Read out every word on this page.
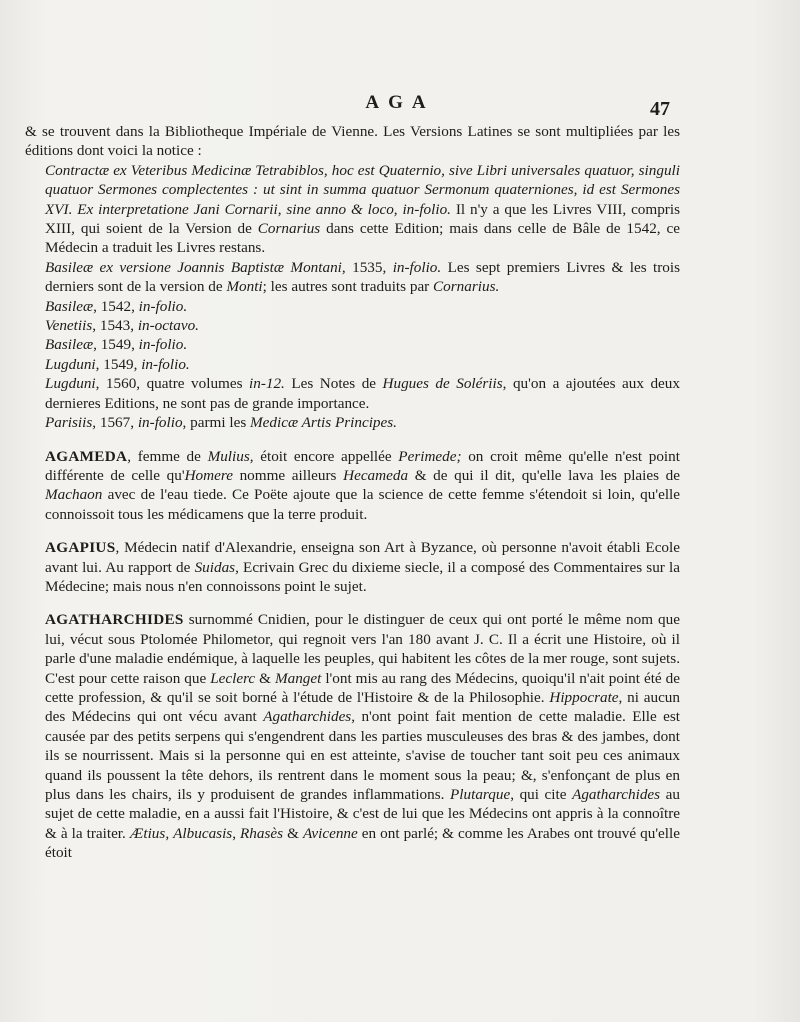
AGA	47

& se trouvent dans la Bibliotheque Impériale de Vienne. Les Versions Latines se sont multipliées par les éditions dont voici la notice :

Contractæ ex Veteribus Medicinæ Tetrabiblos, hoc est Quaternio, sive Libri universales quatuor, singuli quatuor Sermones complectentes : ut sint in summa quatuor Sermonum quaterniones, id est Sermones XVI. Ex interpretatione Jani Cornarii, sine anno & loco, in-folio. Il n'y a que les Livres VIII, compris XIII, qui soient de la Version de Cornarius dans cette Edition; mais dans celle de Bâle de 1542, ce Médecin a traduit les Livres restans.

Basileæ ex versione Joannis Baptistæ Montani, 1535, in-folio. Les sept premiers Livres & les trois derniers sont de la version de Monti; les autres sont traduits par Cornarius.

Basileæ, 1542, in-folio.

Venetiis, 1543, in-octavo.

Basileæ, 1549, in-folio.

Lugduni, 1549, in-folio.

Lugduni, 1560, quatre volumes in-12. Les Notes de Hugues de Solériis, qu'on a ajoutées aux deux dernieres Editions, ne sont pas de grande importance.

Parisiis, 1567, in-folio, parmi les Medicæ Artis Principes.

AGAMEDA, femme de Mulius, étoit encore appellée Perimede; on croit même qu'elle n'est point différente de celle qu'Homere nomme ailleurs Hecameda & de qui il dit, qu'elle lava les plaies de Machaon avec de l'eau tiede. Ce Poëte ajoute que la science de cette femme s'étendoit si loin, qu'elle connoissoit tous les médicamens que la terre produit.

AGAPIUS, Médecin natif d'Alexandrie, enseigna son Art à Byzance, où personne n'avoit établi Ecole avant lui. Au rapport de Suidas, Ecrivain Grec du dixieme siecle, il a composé des Commentaires sur la Médecine; mais nous n'en connoissons point le sujet.

AGATHARCHIDES surnommé Cnidien, pour le distinguer de ceux qui ont porté le même nom que lui, vécut sous Ptolomée Philometor, qui regnoit vers l'an 180 avant J. C. Il a écrit une Histoire, où il parle d'une maladie endémique, à laquelle les peuples, qui habitent les côtes de la mer rouge, sont sujets. C'est pour cette raison que Leclerc & Manget l'ont mis au rang des Médecins, quoiqu'il n'ait point été de cette profession, & qu'il se soit borné à l'étude de l'Histoire & de la Philosophie. Hippocrate, ni aucun des Médecins qui ont vécu avant Agatharchides, n'ont point fait mention de cette maladie. Elle est causée par des petits serpens qui s'engendrent dans les parties musculeuses des bras & des jambes, dont ils se nourrissent. Mais si la personne qui en est atteinte, s'avise de toucher tant soit peu ces animaux quand ils poussent la tête dehors, ils rentrent dans le moment sous la peau; &, s'enfonçant de plus en plus dans les chairs, ils y produisent de grandes inflammations. Plutarque, qui cite Agatharchides au sujet de cette maladie, en a aussi fait l'Histoire, & c'est de lui que les Médecins ont appris à la connoître & à la traiter. Ætius, Albucasis, Rhasès & Avicenne en ont parlé; & comme les Arabes ont trouvé qu'elle étoit
